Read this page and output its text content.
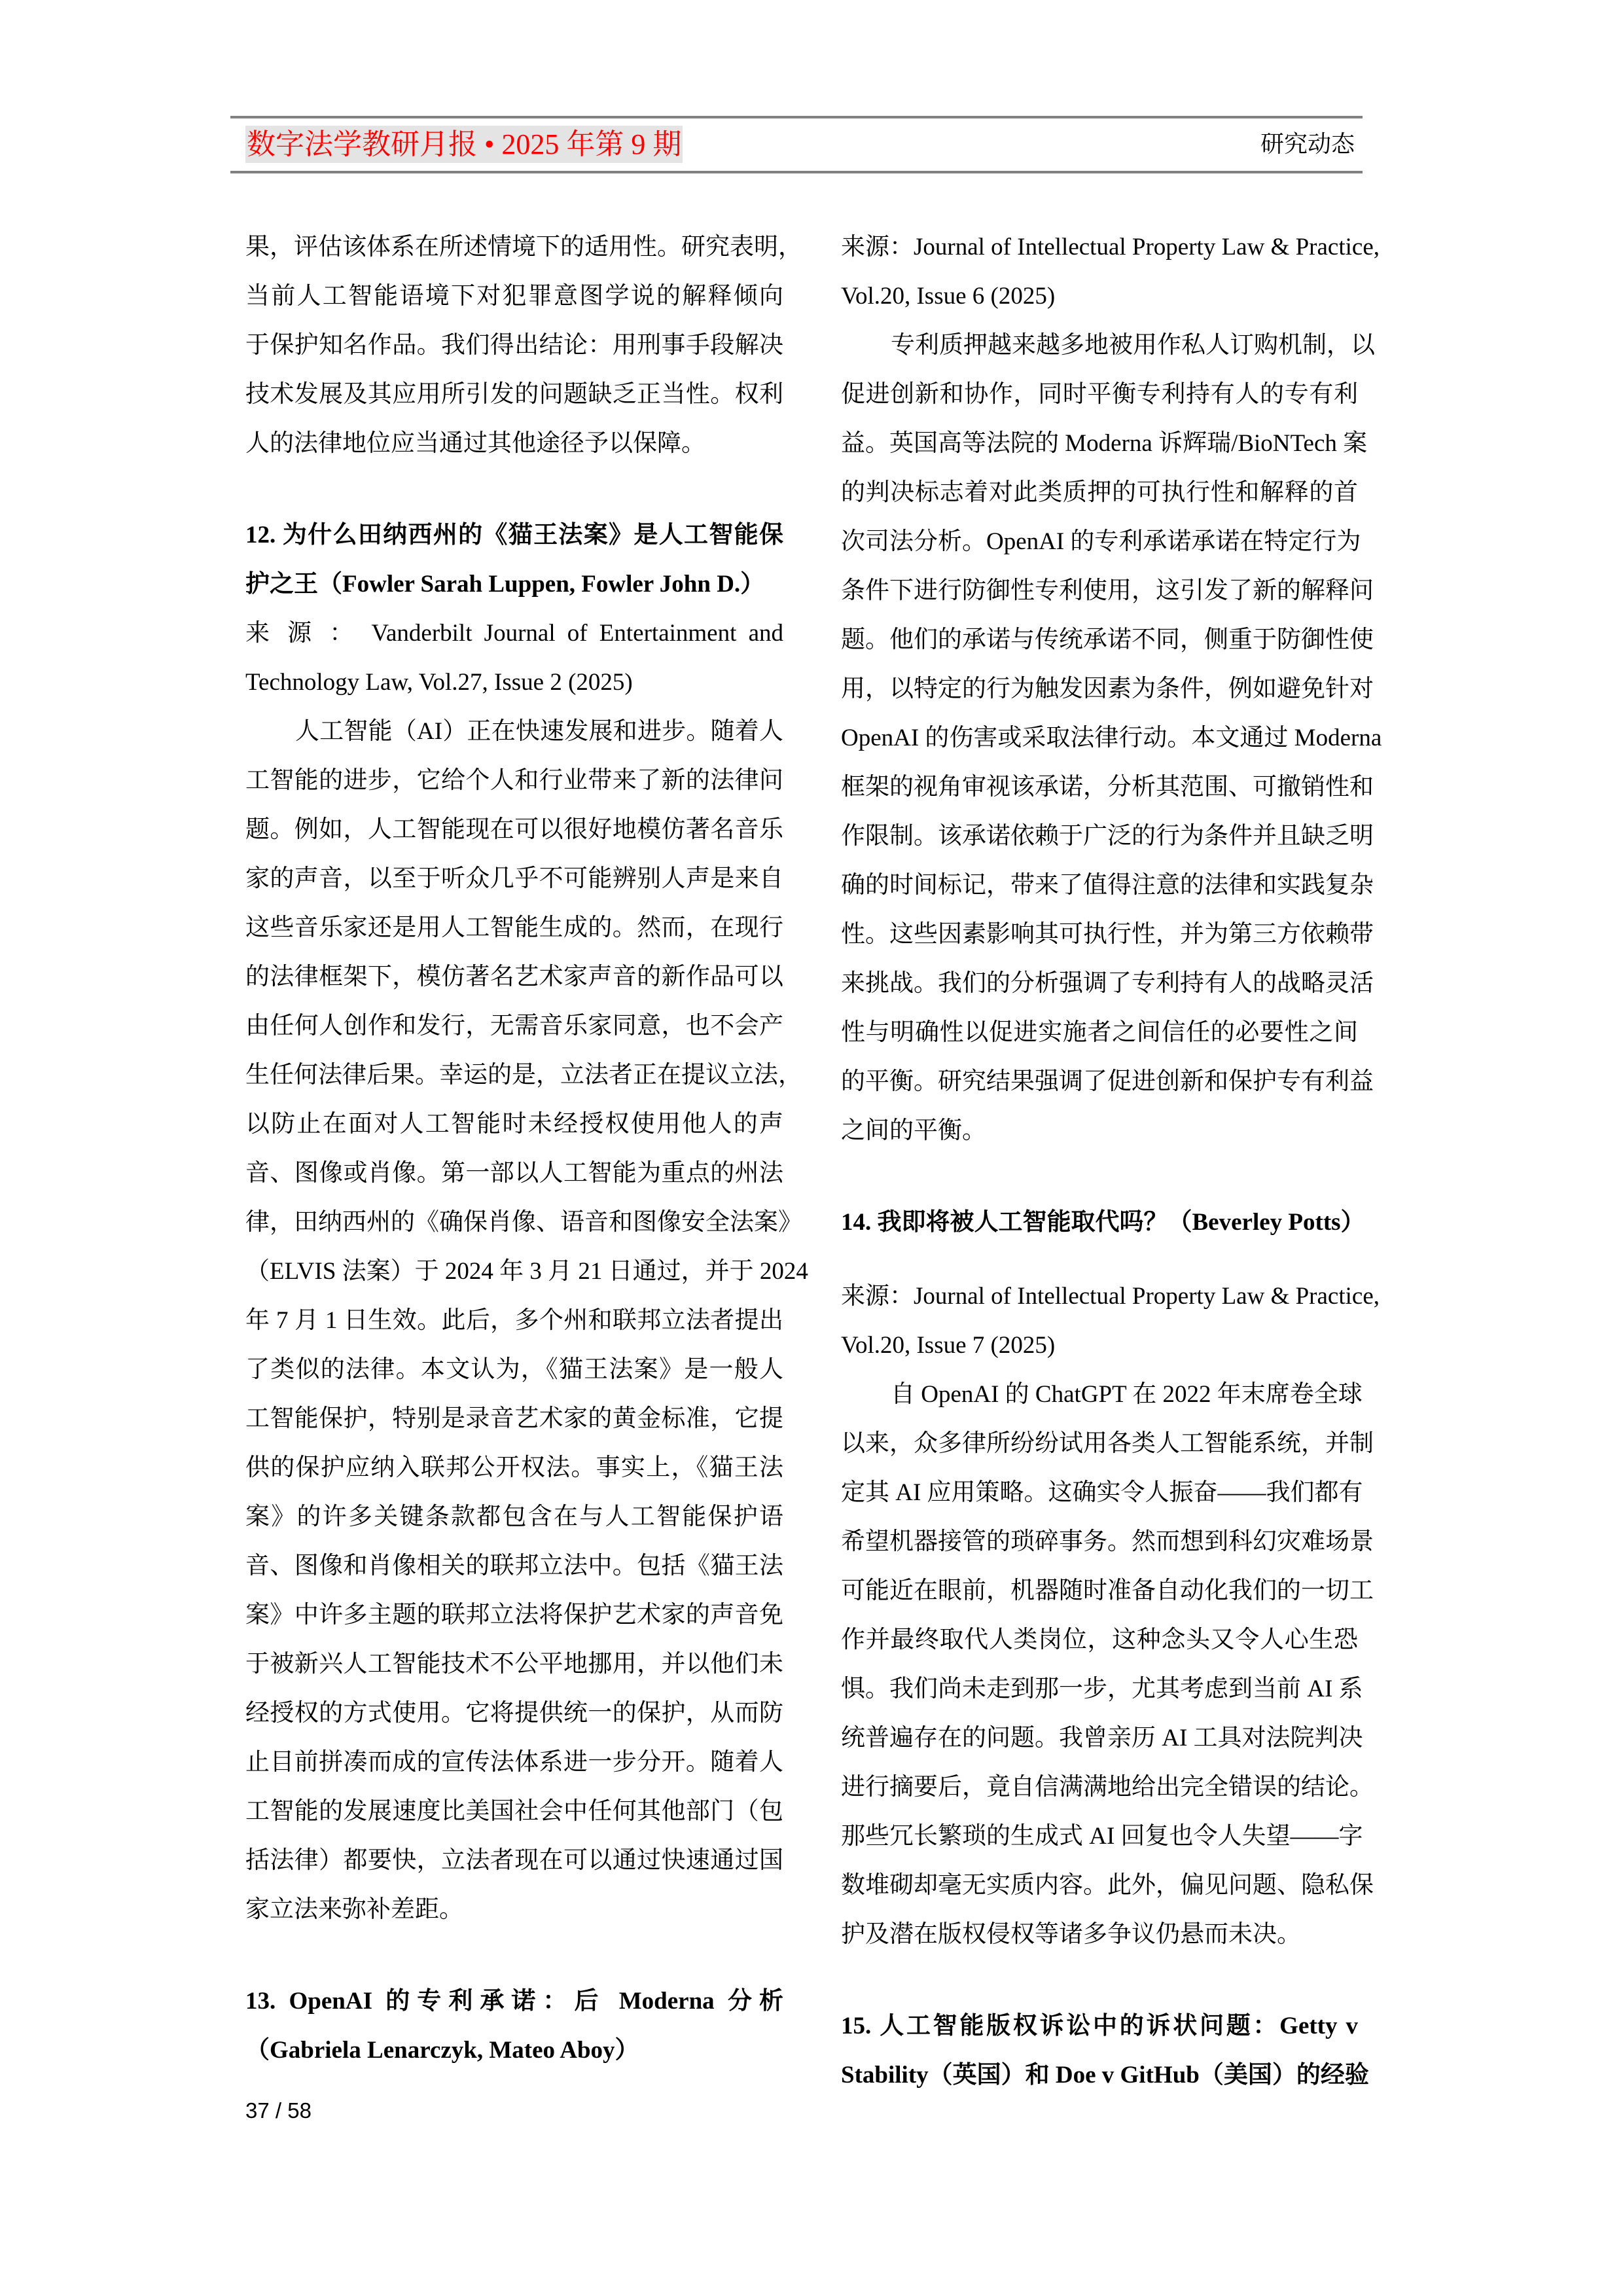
数字法学教研月报 • 2025 年第 9 期	研究动态
果，评估该体系在所述情境下的适用性。研究表明，
当前人工智能语境下对犯罪意图学说的解释倾向
于保护知名作品。我们得出结论：用刑事手段解决
技术发展及其应用所引发的问题缺乏正当性。权利
人的法律地位应当通过其他途径予以保障。
12. 为什么田纳西州的《猫王法案》是人工智能保
护之王（Fowler Sarah Luppen, Fowler John D.）
来 源 ： Vanderbilt Journal of Entertainment and
Technology Law, Vol.27, Issue 2 (2025)
人工智能（AI）正在快速发展和进步。随着人
工智能的进步，它给个人和行业带来了新的法律问
题。例如，人工智能现在可以很好地模仿著名音乐
家的声音，以至于听众几乎不可能辨别人声是来自
这些音乐家还是用人工智能生成的。然而，在现行
的法律框架下，模仿著名艺术家声音的新作品可以
由任何人创作和发行，无需音乐家同意，也不会产
生任何法律后果。幸运的是，立法者正在提议立法，
以防止在面对人工智能时未经授权使用他人的声
音、图像或肖像。第一部以人工智能为重点的州法
律，田纳西州的《确保肖像、语音和图像安全法案》
（ELVIS 法案）于 2024 年 3 月 21 日通过，并于 2024
年 7 月 1 日生效。此后，多个州和联邦立法者提出
了类似的法律。本文认为，《猫王法案》是一般人
工智能保护，特别是录音艺术家的黄金标准，它提
供的保护应纳入联邦公开权法。事实上，《猫王法
案》的许多关键条款都包含在与人工智能保护语
音、图像和肖像相关的联邦立法中。包括《猫王法
案》中许多主题的联邦立法将保护艺术家的声音免
于被新兴人工智能技术不公平地挪用，并以他们未
经授权的方式使用。它将提供统一的保护，从而防
止目前拼凑而成的宣传法体系进一步分开。随着人
工智能的发展速度比美国社会中任何其他部门（包
括法律）都要快，立法者现在可以通过快速通过国
家立法来弥补差距。
13. OpenAI 的专利承诺：后 Moderna 分析
（Gabriela Lenarczyk, Mateo Aboy）
来源：Journal of Intellectual Property Law & Practice,
Vol.20, Issue 6 (2025)
专利质押越来越多地被用作私人订购机制，以
促进创新和协作，同时平衡专利持有人的专有利
益。英国高等法院的 Moderna 诉辉瑞/BioNTech 案
的判决标志着对此类质押的可执行性和解释的首
次司法分析。OpenAI 的专利承诺承诺在特定行为
条件下进行防御性专利使用，这引发了新的解释问
题。他们的承诺与传统承诺不同，侧重于防御性使
用，以特定的行为触发因素为条件，例如避免针对
OpenAI 的伤害或采取法律行动。本文通过 Moderna
框架的视角审视该承诺，分析其范围、可撤销性和
作限制。该承诺依赖于广泛的行为条件并且缺乏明
确的时间标记，带来了值得注意的法律和实践复杂
性。这些因素影响其可执行性，并为第三方依赖带
来挑战。我们的分析强调了专利持有人的战略灵活
性与明确性以促进实施者之间信任的必要性之间
的平衡。研究结果强调了促进创新和保护专有利益
之间的平衡。
14. 我即将被人工智能取代吗？（Beverley Potts）
来源：Journal of Intellectual Property Law & Practice,
Vol.20, Issue 7 (2025)
自 OpenAI 的 ChatGPT 在 2022 年末席卷全球
以来，众多律所纷纷试用各类人工智能系统，并制
定其 AI 应用策略。这确实令人振奋——我们都有
希望机器接管的琐碎事务。然而想到科幻灾难场景
可能近在眼前，机器随时准备自动化我们的一切工
作并最终取代人类岗位，这种念头又令人心生恐
惧。我们尚未走到那一步，尤其考虑到当前 AI 系
统普遍存在的问题。我曾亲历 AI 工具对法院判决
进行摘要后，竟自信满满地给出完全错误的结论。
那些冗长繁琐的生成式 AI 回复也令人失望——字
数堆砌却毫无实质内容。此外，偏见问题、隐私保
护及潜在版权侵权等诸多争议仍悬而未决。
15. 人工智能版权诉讼中的诉状问题：Getty v
Stability（英国）和 Doe v GitHub（美国）的经验
37 / 58
